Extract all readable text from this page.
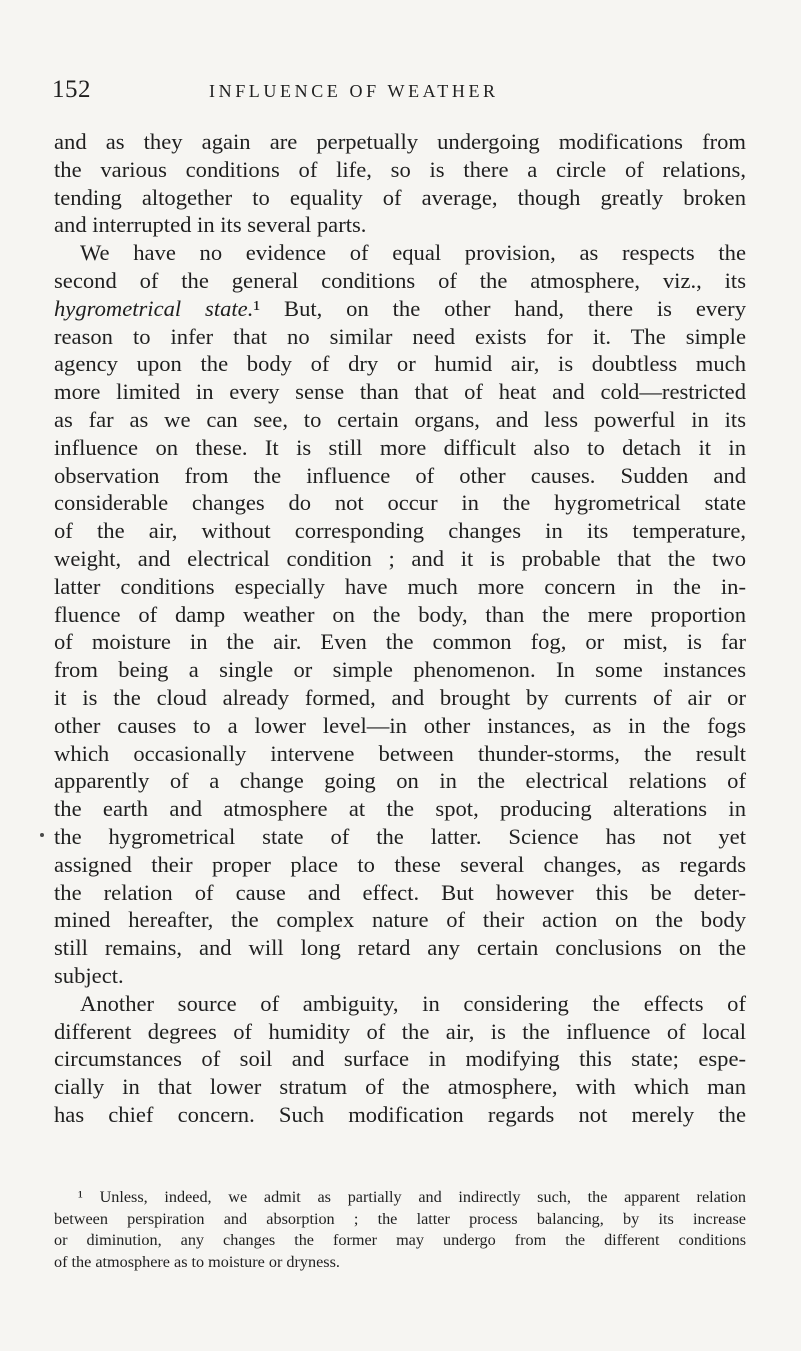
152	INFLUENCE OF WEATHER
and as they again are perpetually undergoing modifications from
the various conditions of life, so is there a circle of relations,
tending altogether to equality of average, though greatly broken
and interrupted in its several parts.
We have no evidence of equal provision, as respects the
second of the general conditions of the atmosphere, viz., its
hygrometrical state.¹ But, on the other hand, there is every
reason to infer that no similar need exists for it. The simple
agency upon the body of dry or humid air, is doubtless much
more limited in every sense than that of heat and cold—restricted
as far as we can see, to certain organs, and less powerful in its
influence on these. It is still more difficult also to detach it in
observation from the influence of other causes. Sudden and
considerable changes do not occur in the hygrometrical state
of the air, without corresponding changes in its temperature,
weight, and electrical condition ; and it is probable that the two
latter conditions especially have much more concern in the in-
fluence of damp weather on the body, than the mere proportion
of moisture in the air. Even the common fog, or mist, is far
from being a single or simple phenomenon. In some instances
it is the cloud already formed, and brought by currents of air or
other causes to a lower level—in other instances, as in the fogs
which occasionally intervene between thunder-storms, the result
apparently of a change going on in the electrical relations of
the earth and atmosphere at the spot, producing alterations in
the hygrometrical state of the latter. Science has not yet
assigned their proper place to these several changes, as regards
the relation of cause and effect. But however this be deter-
mined hereafter, the complex nature of their action on the body
still remains, and will long retard any certain conclusions on the
subject.
Another source of ambiguity, in considering the effects of
different degrees of humidity of the air, is the influence of local
circumstances of soil and surface in modifying this state; espe-
cially in that lower stratum of the atmosphere, with which man
has chief concern. Such modification regards not merely the
¹ Unless, indeed, we admit as partially and indirectly such, the apparent relation
between perspiration and absorption ; the latter process balancing, by its increase
or diminution, any changes the former may undergo from the different conditions
of the atmosphere as to moisture or dryness.
